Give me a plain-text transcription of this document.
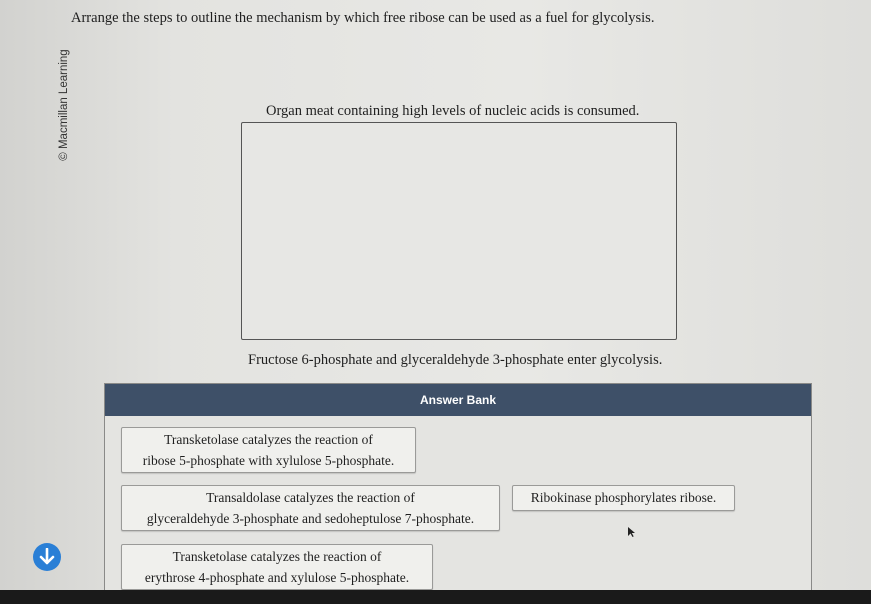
Arrange the steps to outline the mechanism by which free ribose can be used as a fuel for glycolysis.
© Macmillan Learning	Organ meat containing high levels of nucleic acids is consumed.
Fructose 6-phosphate and glyceraldehyde 3-phosphate enter glycolysis.
Answer Bank
Transketolase catalyzes the reaction of
ribose 5-phosphate with xylulose 5-phosphate.
Transaldolase catalyzes the reaction of
glyceraldehyde 3-phosphate and sedoheptulose 7-phosphate.
Ribokinase phosphorylates ribose.
Transketolase catalyzes the reaction of
erythrose 4-phosphate and xylulose 5-phosphate.
